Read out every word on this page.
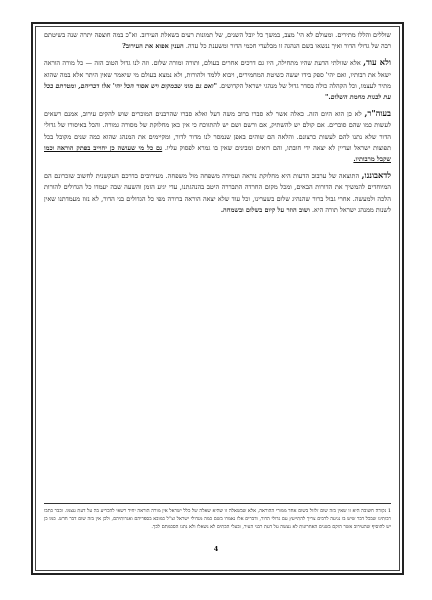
שוללים והללו מתירים. ומעולם לא הי' מצב, במשך כל יובל השנים, של תמונות רעים בשאלת העירוב. וא"כ במה חוצפה יתרה שנה בשיטתם רבה של גדולי הדור ואיך ננשאו בשם הנהגה זו מבלעדי חכמי הדור ומשענת כל עדה. הענין אפוא את העירוב?

ולא עוד, אלא שזולתי הדעת שהיו מתחילה, היו גם דרכים אחרים בעולם, ותורה ומורה שלום. וזה לנו גדול הטוב הזה — כל מורה הוראה ישאל את רבותיו, ואם יהי' ספק בידו יעשה כשיטת המחמירים, ויבוא ללמד ולהורות, ולא נמצא בעולם מי שיאמר שאין היתר אלא במה שהוא מתיר לעצמו, וכל הקהלה כולה בסדר גדול של מנהגי ישראל הקדושים. "ואם גם מוני שבמקום ויש אסור הכל יהי' אלו דבריהם, ומטרתם בכל עת לבנות מחמת השלום."

בעוה"ר, לא כן הוא היום הזה. כאלה אשר לא סברו ברוב משה דעל ואלא סברו שהרבנים המוכרים שוש להקים עירוב, אמנם רשאים לעשות כמו שהם סוברים. אם קולם יש להשתיק, אם ורשם ושם יש להתווכח כי אין כאן מחלוקת של מסורה גמורה. והכל באיסורו של גדולי הדור שלא נתנו להם לעשות כרצונם. והלאה הם שוהים באפן שנמסר לנו מדור לדור, ומקיימים את המנהג שהוא כמה שנים מקובל בכל תפוצות ישראל ועדיין לא יצאה ידי חובתו, והם רואים ומבינים שאין בו גמרא לפסוק עליו. גם כל מי שעושה כן יחוייב בפתק הוראה וכמו שקבל מרבותיו.

לדאבוננו, התוצאה של ערבוב הדעות היא מחלוקת נוראה ועמידה משפחה מול משפחה. מעירובים בדרכם העקשנית לחשוב שזכרונם הם המיוחדים להמשיך את הדורות הבאים, ומכל מקום החרדה התבררה היטב בהנהגתנו, עדי יגיע הזמן והשעה שבה יעמדו כל הגדולים להורות הלכה ולמעשה. אחרי גבול ברור שהנהיג שלום בשערינו, וכל עוד שלא יצאה הוראה ברורה מפי כל הגדולים בני הדור, לא נזוז מעמדתנו שאין לשנות ממנהג ישראל תורה היא. ושוב הוזר על קיום בשלום ובשמחה.

1 נקודה חשובה היא זו שאין בזה שום זלזול בשום אחד ממורי ההוראה, אלא שבשאלה זו שהיא שאלה של כלל ישראל אין מורה הוראה יחיד רשאי להכריע בה על דעת עצמו. וכבר כתבו רבותינו שבכל דבר שיש בו נגיעה לרבים צריך להתייעץ עם גדולי הדור, ודברים אלו נאמרו בשם כמה מגדולי ישראל זצ"ל כמובא בספריהם ואגרותיהם, ולכן אין בזה שום דבר חדש. כמו כן יש להוסיף שהעירוב אשר הוקם בשנים האחרונות לא נעשה על דעת רבני העיר, ובעלי הבתים לא נשאלו ולא נתנו הסכמתם לכך.
4
